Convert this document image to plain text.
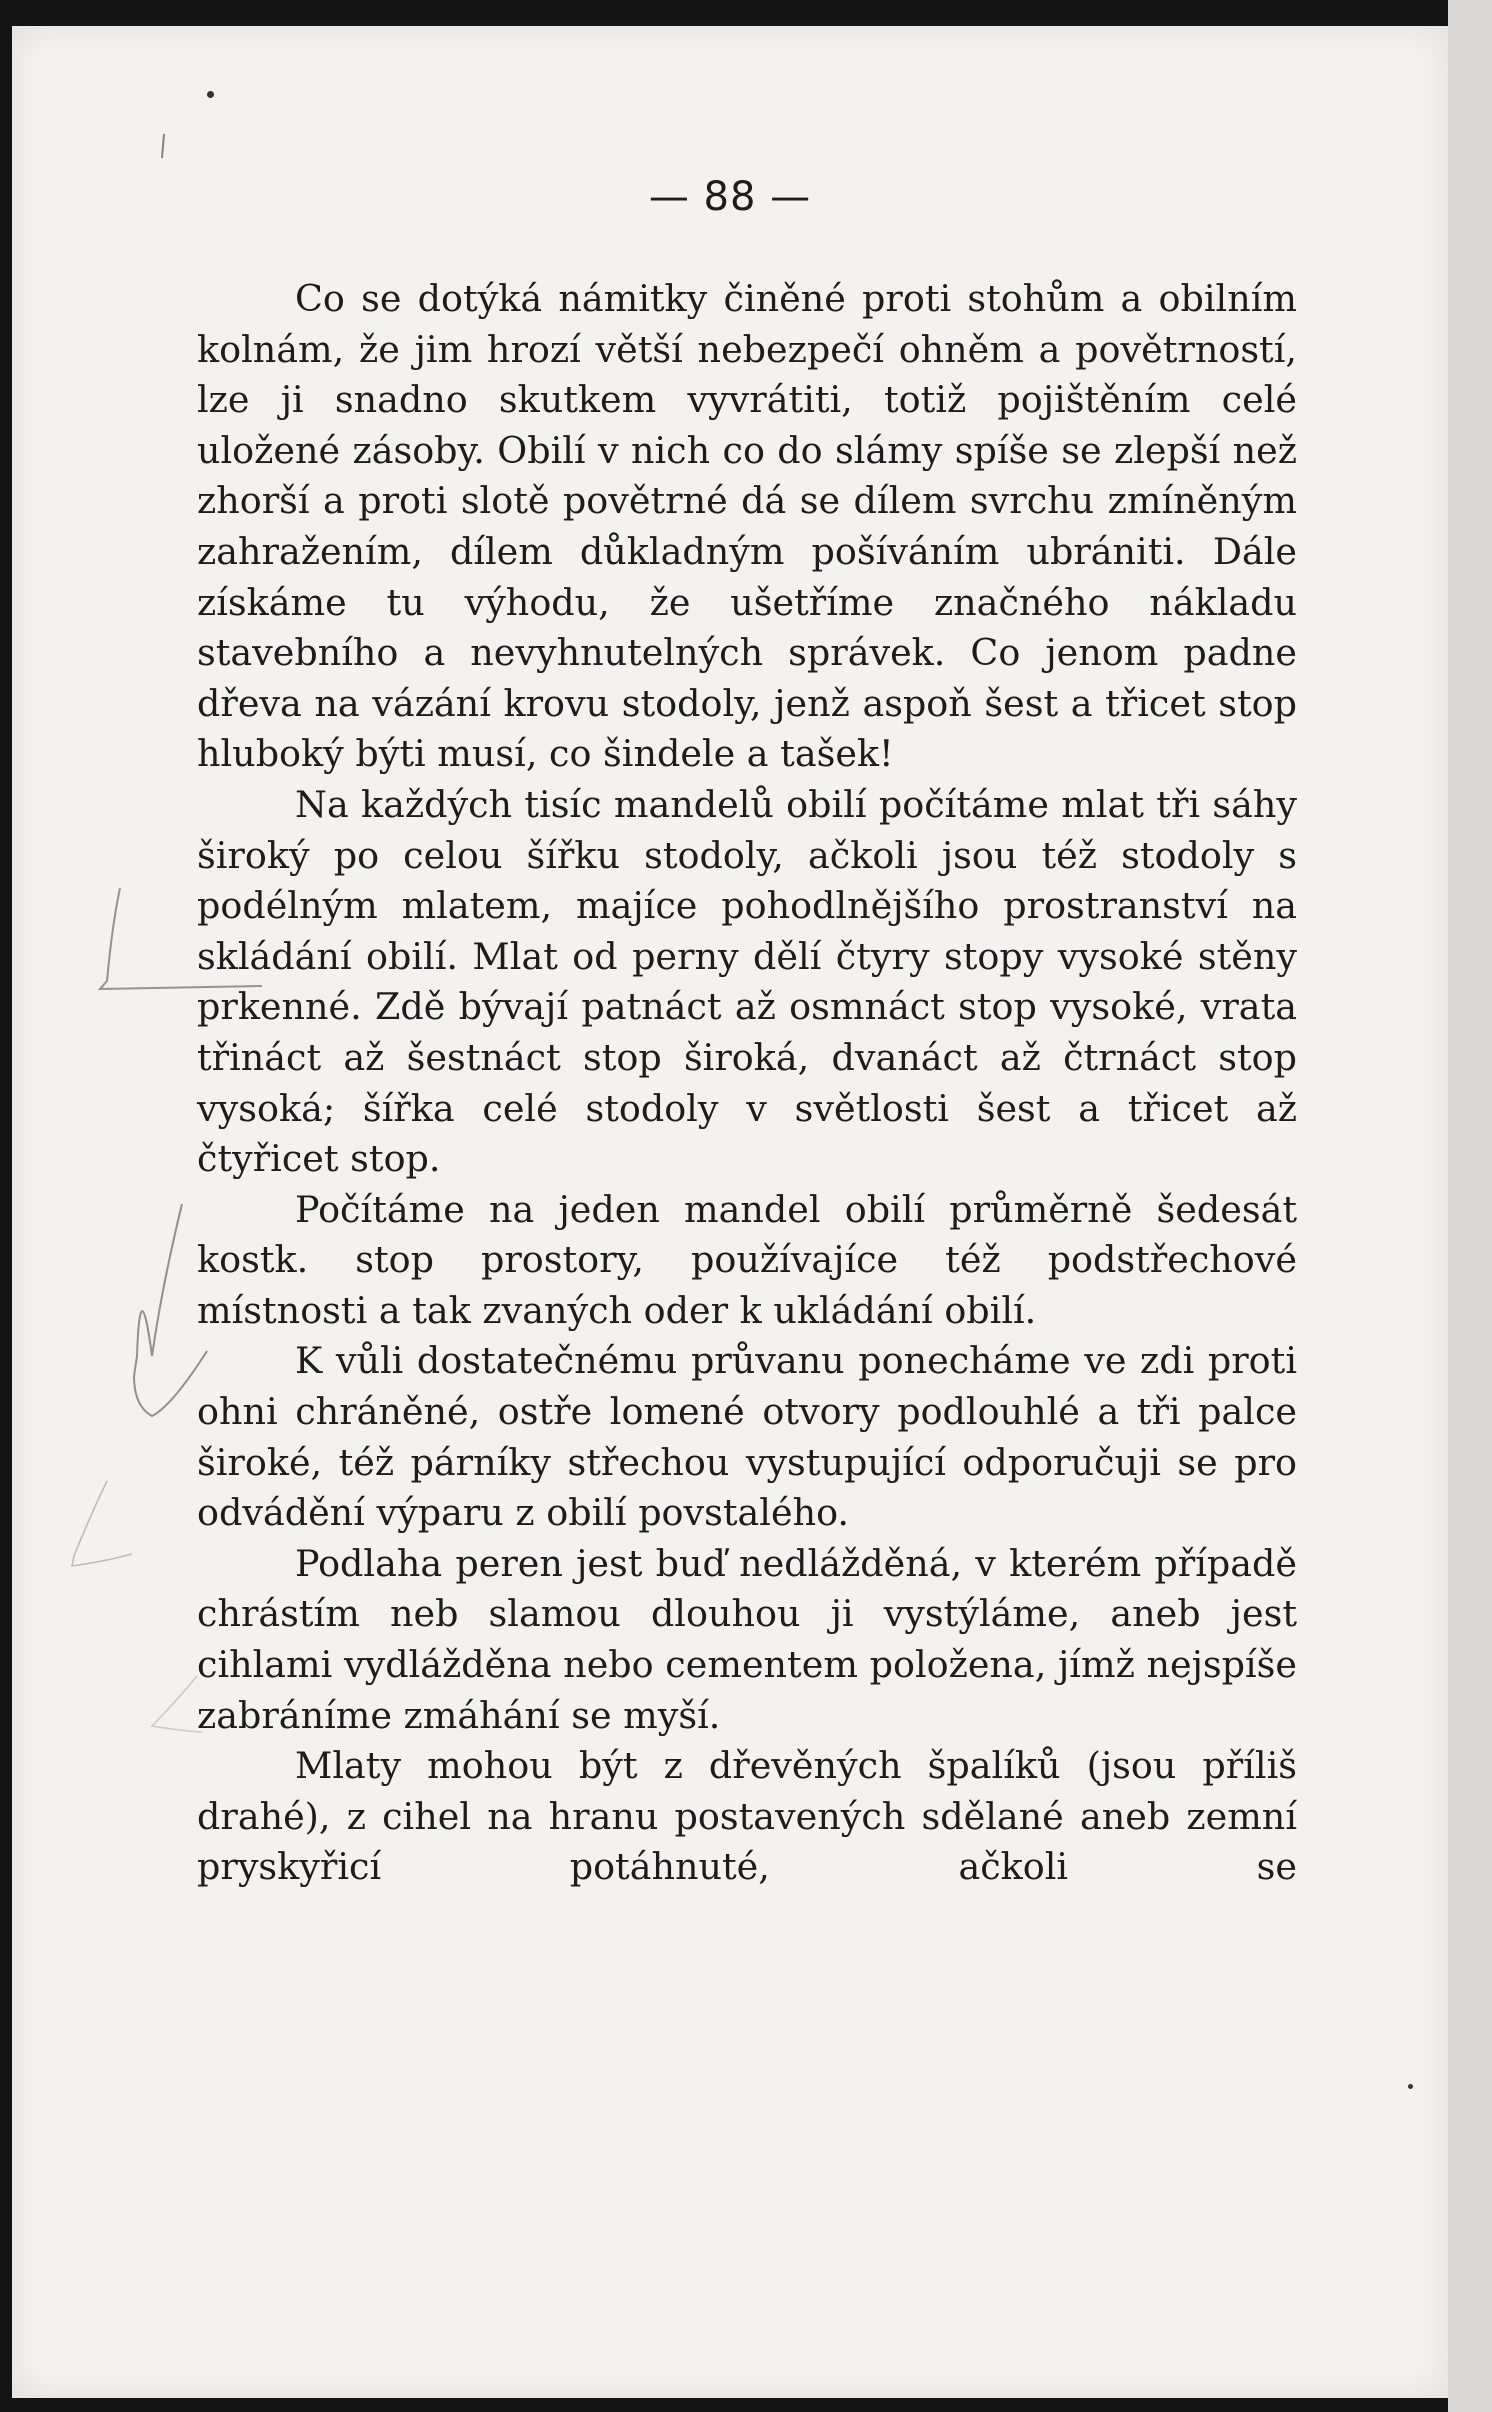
— 88 —

Co se dotýká námitky činěné proti stohům a obilním kolnám, že jim hrozí větší nebezpečí ohněm a povětrností, lze ji snadno skutkem vyvrátiti, totiž pojištěním celé uložené zásoby. Obilí v nich co do slámy spíše se zlepší než zhorší a proti slotě povětrné dá se dílem svrchu zmíněným zahražením, dílem důkladným pošíváním ubrániti. Dále získáme tu výhodu, že ušetříme značného nákladu stavebního a nevyhnutelných správek. Co jenom padne dřeva na vázání krovu stodoly, jenž aspoň šest a třicet stop hluboký býti musí, co šindele a tašek!

Na každých tisíc mandelů obilí počítáme mlat tři sáhy široký po celou šířku stodoly, ačkoli jsou též stodoly s podélným mlatem, majíce pohodlnějšího prostranství na skládání obilí. Mlat od perny dělí čtyry stopy vysoké stěny prkenné. Zdě bývají patnáct až osmnáct stop vysoké, vrata třináct až šestnáct stop široká, dvanáct až čtrnáct stop vysoká; šířka celé stodoly v světlosti šest a třicet až čtyřicet stop.

Počítáme na jeden mandel obilí průměrně šedesát kostk. stop prostory, používajíce též podstřechové místnosti a tak zvaných oder k ukládání obilí.

K vůli dostatečnému průvanu ponecháme ve zdi proti ohni chráněné, ostře lomené otvory podlouhlé a tři palce široké, též párníky střechou vystupující odporučuji se pro odvádění výparu z obilí povstalého.

Podlaha peren jest buď nedlážděná, v kterém případě chrástím neb slamou dlouhou ji vystýláme, aneb jest cihlami vydlážděna nebo cementem položena, jímž nejspíše zabráníme zmáhání se myší.

Mlaty mohou být z dřevěných špalíků (jsou příliš drahé), z cihel na hranu postavených sdělané aneb zemní pryskyřicí potáhnuté, ačkoli se
